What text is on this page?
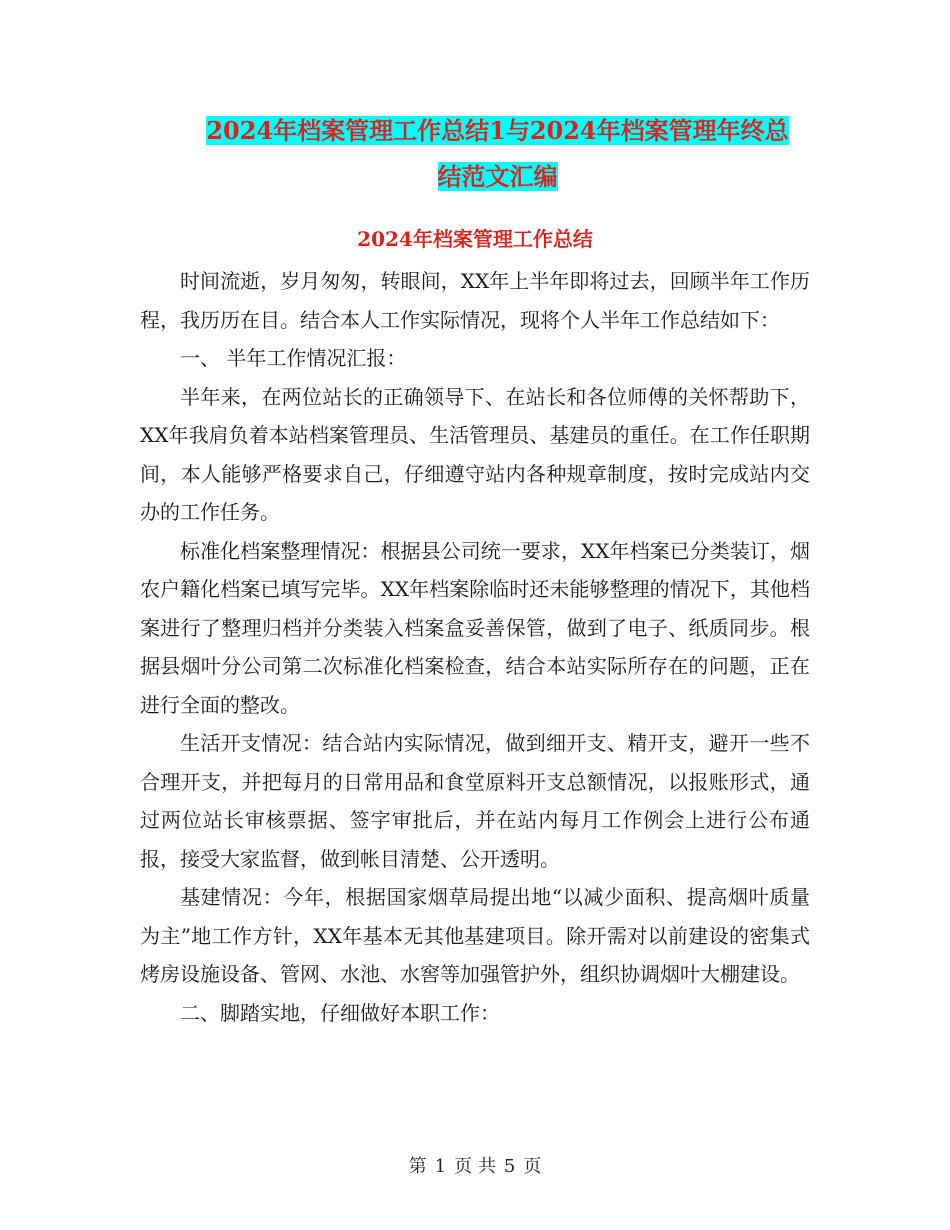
2024年档案管理工作总结1与2024年档案管理年终总
结范文汇编
2024年档案管理工作总结

时间流逝，岁月匆匆，转眼间，XX年上半年即将过去，回顾半年工作历程，我历历在目。结合本人工作实际情况，现将个人半年工作总结如下：

一、 半年工作情况汇报：

半年来，在两位站长的正确领导下、在站长和各位师傅的关怀帮助下，XX年我肩负着本站档案管理员、生活管理员、基建员的重任。在工作任职期间，本人能够严格要求自己，仔细遵守站内各种规章制度，按时完成站内交办的工作任务。

标准化档案整理情况：根据县公司统一要求，XX年档案已分类装订，烟农户籍化档案已填写完毕。XX年档案除临时还未能够整理的情况下，其他档案进行了整理归档并分类装入档案盒妥善保管，做到了电子、纸质同步。根据县烟叶分公司第二次标准化档案检查，结合本站实际所存在的问题，正在进行全面的整改。

生活开支情况：结合站内实际情况，做到细开支、精开支，避开一些不合理开支，并把每月的日常用品和食堂原料开支总额情况，以报账形式，通过两位站长审核票据、签字审批后，并在站内每月工作例会上进行公布通报，接受大家监督，做到帐目清楚、公开透明。

基建情况：今年，根据国家烟草局提出地“以减少面积、提高烟叶质量为主”地工作方针，XX年基本无其他基建项目。除开需对以前建设的密集式烤房设施设备、管网、水池、水窖等加强管护外，组织协调烟叶大棚建设。

二、脚踏实地，仔细做好本职工作：

第 1 页 共 5 页
